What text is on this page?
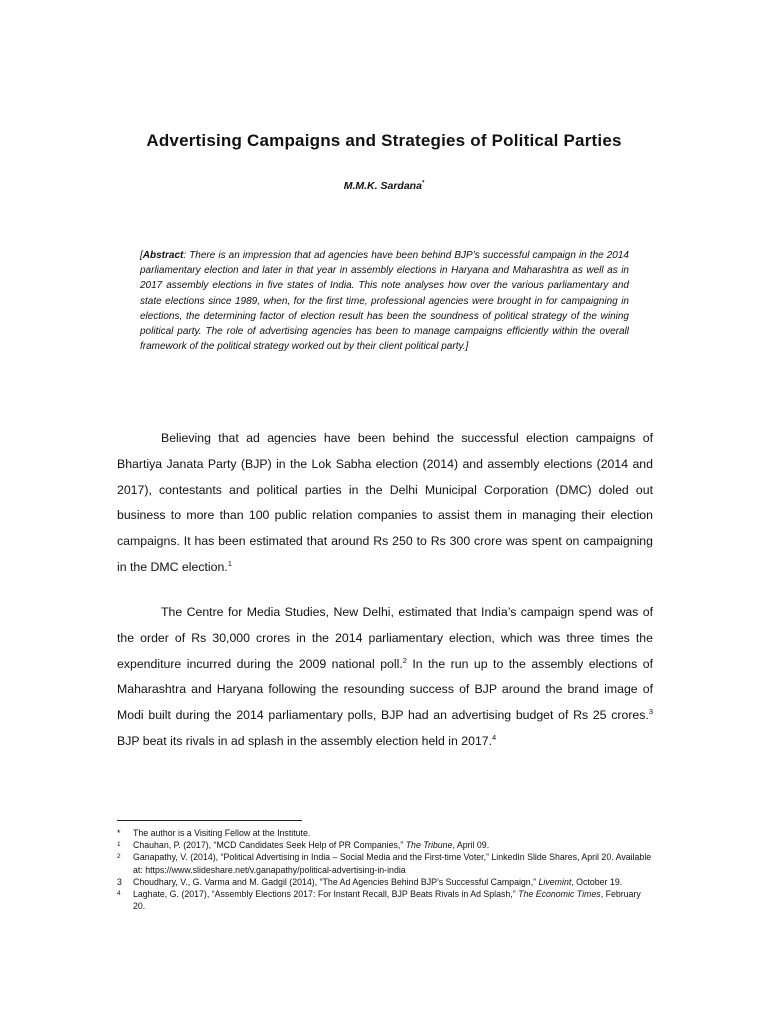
Advertising Campaigns and Strategies of Political Parties
M.M.K. Sardana*
[Abstract: There is an impression that ad agencies have been behind BJP’s successful campaign in the 2014 parliamentary election and later in that year in assembly elections in Haryana and Maharashtra as well as in 2017 assembly elections in five states of India. This note analyses how over the various parliamentary and state elections since 1989, when, for the first time, professional agencies were brought in for campaigning in elections, the determining factor of election result has been the soundness of political strategy of the wining political party. The role of advertising agencies has been to manage campaigns efficiently within the overall framework of the political strategy worked out by their client political party.]
Believing that ad agencies have been behind the successful election campaigns of Bhartiya Janata Party (BJP) in the Lok Sabha election (2014) and assembly elections (2014 and 2017), contestants and political parties in the Delhi Municipal Corporation (DMC) doled out business to more than 100 public relation companies to assist them in managing their election campaigns. It has been estimated that around Rs 250 to Rs 300 crore was spent on campaigning in the DMC election.$^1$
The Centre for Media Studies, New Delhi, estimated that India’s campaign spend was of the order of Rs 30,000 crores in the 2014 parliamentary election, which was three times the expenditure incurred during the 2009 national poll.$^2$ In the run up to the assembly elections of Maharashtra and Haryana following the resounding success of BJP around the brand image of Modi built during the 2014 parliamentary polls, BJP had an advertising budget of Rs 25 crores.$^3$ BJP beat its rivals in ad splash in the assembly election held in 2017.$^4$
*	The author is a Visiting Fellow at the Institute.
1	Chauhan, P. (2017), “MCD Candidates Seek Help of PR Companies,” The Tribune, April 09.
2	Ganapathy, V. (2014), “Political Advertising in India – Social Media and the First-time Voter,” LinkedIn Slide Shares, April 20. Available at: https://www.slideshare.net/v.ganapathy/political-advertising-in-india
3	Choudhary, V., G. Varma and M. Gadgil (2014), “The Ad Agencies Behind BJP’s Successful Campaign,” Livemint, October 19.
4	Laghate, G. (2017), “Assembly Elections 2017: For Instant Recall, BJP Beats Rivals in Ad Splash,” The Economic Times, February 20.
